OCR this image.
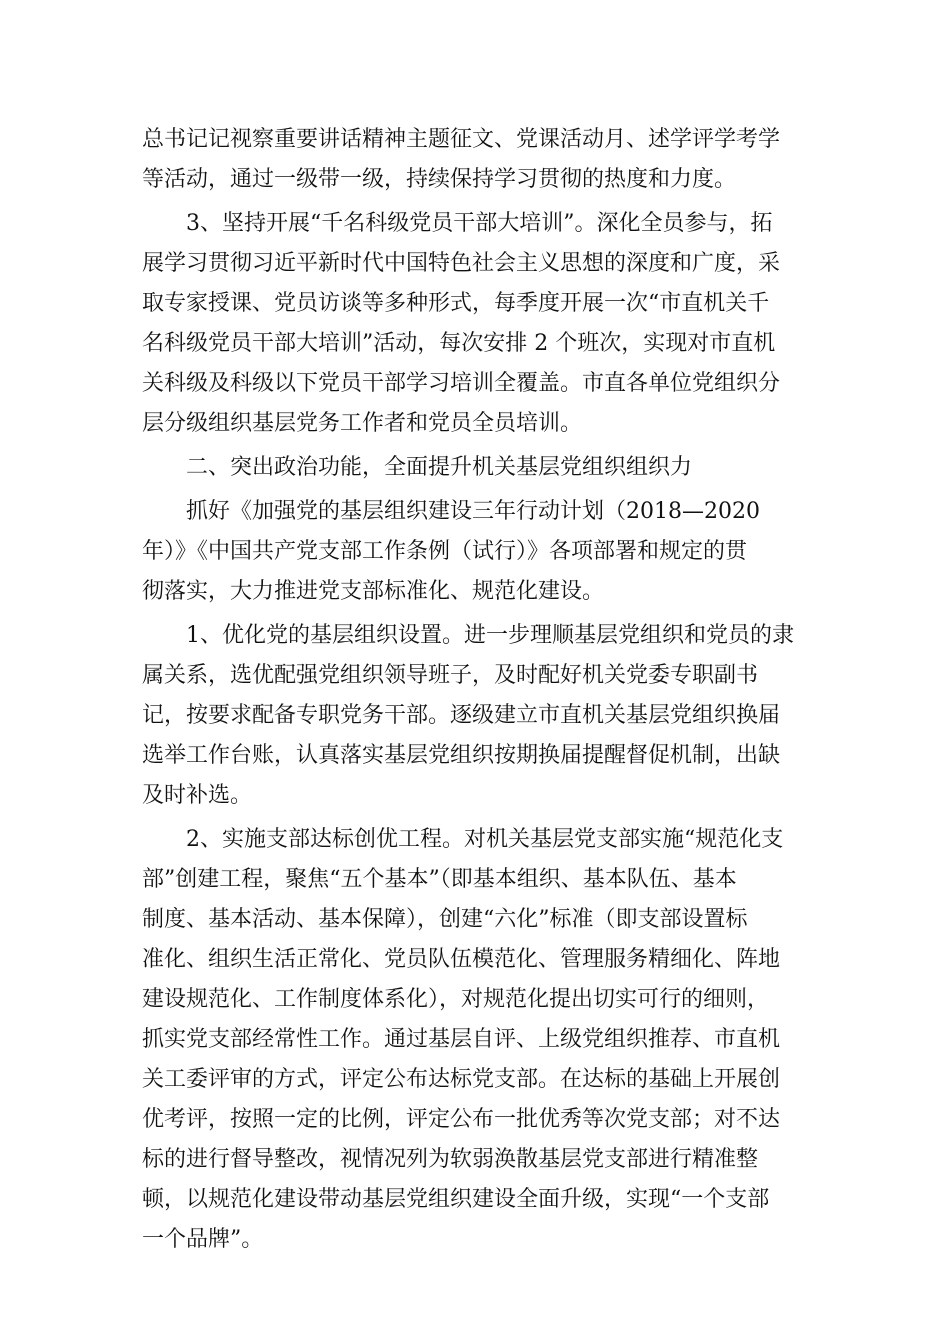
总书记记视察重要讲话精神主题征文、党课活动月、述学评学考学
等活动，通过一级带一级，持续保持学习贯彻的热度和力度。
3、坚持开展“千名科级党员干部大培训”。深化全员参与，拓
展学习贯彻习近平新时代中国特色社会主义思想的深度和广度，采
取专家授课、党员访谈等多种形式，每季度开展一次“市直机关千
名科级党员干部大培训”活动，每次安排 2 个班次，实现对市直机
关科级及科级以下党员干部学习培训全覆盖。市直各单位党组织分
层分级组织基层党务工作者和党员全员培训。
二、突出政治功能，全面提升机关基层党组织组织力
抓好《加强党的基层组织建设三年行动计划（2018—2020
年）》《中国共产党支部工作条例（试行）》各项部署和规定的贯
彻落实，大力推进党支部标准化、规范化建设。
1、优化党的基层组织设置。进一步理顺基层党组织和党员的隶
属关系，选优配强党组织领导班子，及时配好机关党委专职副书
记，按要求配备专职党务干部。逐级建立市直机关基层党组织换届
选举工作台账，认真落实基层党组织按期换届提醒督促机制，出缺
及时补选。
2、实施支部达标创优工程。对机关基层党支部实施“规范化支
部”创建工程，聚焦“五个基本”（即基本组织、基本队伍、基本
制度、基本活动、基本保障），创建“六化”标准（即支部设置标
准化、组织生活正常化、党员队伍模范化、管理服务精细化、阵地
建设规范化、工作制度体系化），对规范化提出切实可行的细则，
抓实党支部经常性工作。通过基层自评、上级党组织推荐、市直机
关工委评审的方式，评定公布达标党支部。在达标的基础上开展创
优考评，按照一定的比例，评定公布一批优秀等次党支部；对不达
标的进行督导整改，视情况列为软弱涣散基层党支部进行精准整
顿，以规范化建设带动基层党组织建设全面升级，实现“一个支部
一个品牌”。
